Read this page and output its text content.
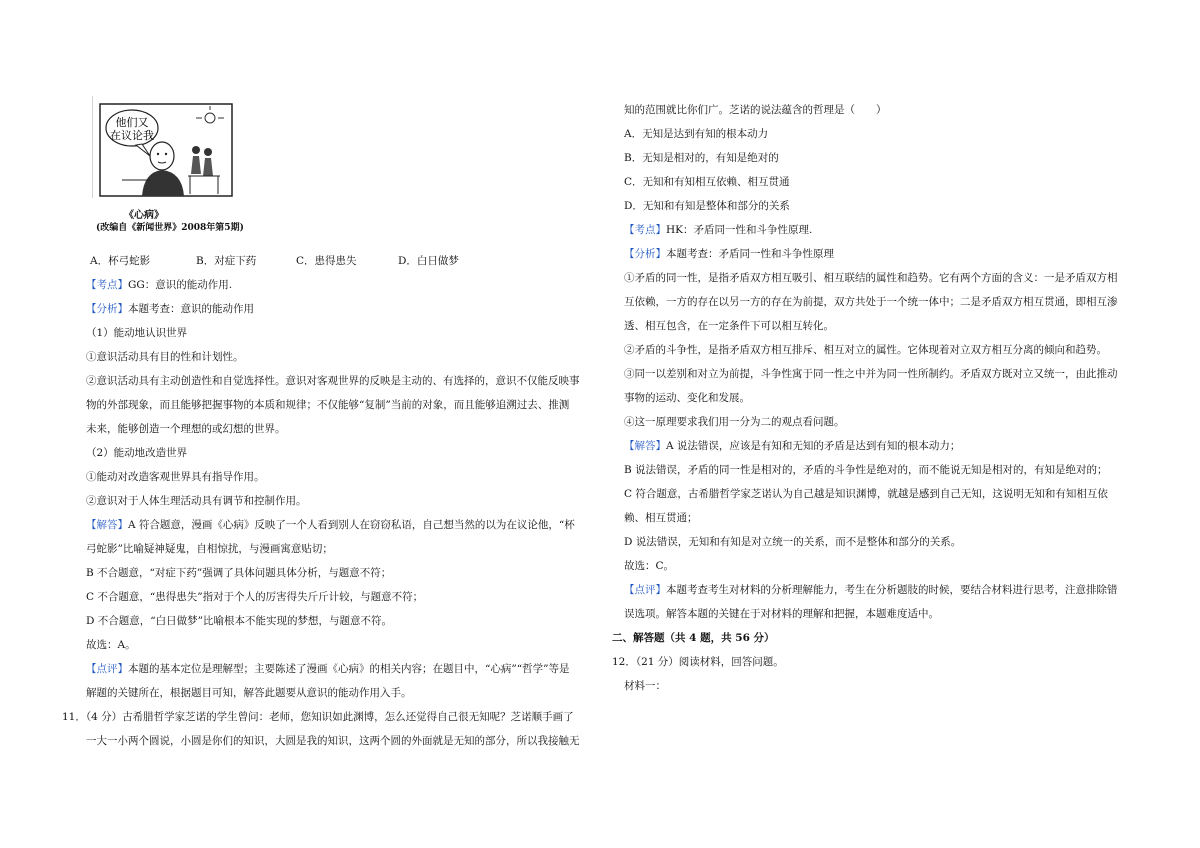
他们又
在议论我
《心病》
(改编自《新闻世界》2008年第5期)
A．杯弓蛇影	B．对症下药	C．患得患失	D．白日做梦
【考点】GG：意识的能动作用.
【分析】本题考查：意识的能动作用
（1）能动地认识世界
①意识活动具有目的性和计划性。
②意识活动具有主动创造性和自觉选择性。意识对客观世界的反映是主动的、有选择的，意识不仅能反映事
物的外部现象，而且能够把握事物的本质和规律；不仅能够“复制”当前的对象，而且能够追溯过去、推测
未来，能够创造一个理想的或幻想的世界。
（2）能动地改造世界
①能动对改造客观世界具有指导作用。
②意识对于人体生理活动具有调节和控制作用。
【解答】A 符合题意，漫画《心病》反映了一个人看到别人在窃窃私语，自己想当然的以为在议论他，“杯
弓蛇影”比喻疑神疑鬼，自相惊扰，与漫画寓意贴切；
B 不合题意，“对症下药”强调了具体问题具体分析，与题意不符；
C 不合题意，“患得患失”指对于个人的厉害得失斤斤计较，与题意不符；
D 不合题意，“白日做梦”比喻根本不能实现的梦想，与题意不符。
故选：A。
【点评】本题的基本定位是理解型；主要陈述了漫画《心病》的相关内容；在题目中，“心病”“哲学”等是
解题的关键所在，根据题目可知，解答此题要从意识的能动作用入手。
11．（4 分）古希腊哲学家芝诺的学生曾问：老师，您知识如此渊博，怎么还觉得自己很无知呢？芝诺顺手画了
一大一小两个圆说，小圆是你们的知识，大圆是我的知识，这两个圆的外面就是无知的部分，所以我接触无
知的范围就比你们广。芝诺的说法蕴含的哲理是（　　）
A．无知是达到有知的根本动力
B．无知是相对的，有知是绝对的
C．无知和有知相互依赖、相互贯通
D．无知和有知是整体和部分的关系
【考点】HK：矛盾同一性和斗争性原理.
【分析】本题考查：矛盾同一性和斗争性原理
①矛盾的同一性，是指矛盾双方相互吸引、相互联结的属性和趋势。它有两个方面的含义：一是矛盾双方相
互依赖，一方的存在以另一方的存在为前提，双方共处于一个统一体中；二是矛盾双方相互贯通，即相互渗
透、相互包含，在一定条件下可以相互转化。
②矛盾的斗争性，是指矛盾双方相互排斥、相互对立的属性。它体现着对立双方相互分离的倾向和趋势。
③同一以差别和对立为前提，斗争性寓于同一性之中并为同一性所制约。矛盾双方既对立又统一，由此推动
事物的运动、变化和发展。
④这一原理要求我们用一分为二的观点看问题。
【解答】A 说法错误，应该是有知和无知的矛盾是达到有知的根本动力；
B 说法错误，矛盾的同一性是相对的，矛盾的斗争性是绝对的，而不能说无知是相对的，有知是绝对的；
C 符合题意，古希腊哲学家芝诺认为自己越是知识渊博，就越是感到自己无知，这说明无知和有知相互依
赖、相互贯通；
D 说法错误，无知和有知是对立统一的关系，而不是整体和部分的关系。
故选：C。
【点评】本题考查考生对材料的分析理解能力，考生在分析题肢的时候，要结合材料进行思考，注意排除错
误选项。解答本题的关键在于对材料的理解和把握，本题难度适中。
二、解答题（共 4 题，共 56 分）
12．（21 分）阅读材料，回答问题。
材料一：
